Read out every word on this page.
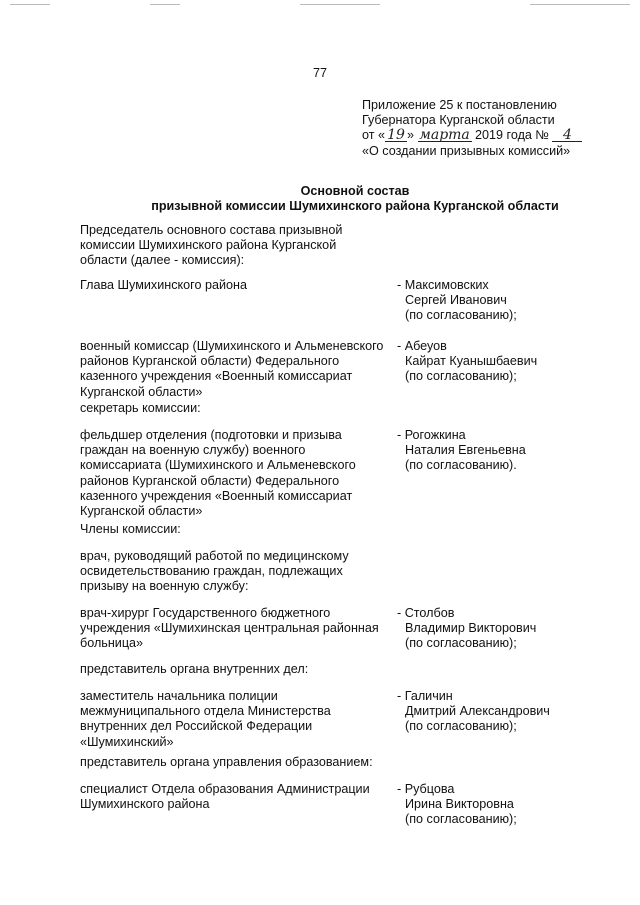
77
Приложение 25 к постановлению
Губернатора Курганской области
от « 19 » марта 2019 года № 4
«О создании призывных комиссий»
Основной состав
призывной комиссии Шумихинского района Курганской области
Председатель основного состава призывной
комиссии Шумихинского района Курганской
области (далее - комиссия):
Глава Шумихинского района	- Максимовских
Сергей Иванович
(по согласованию);
военный комиссар (Шумихинского и Альменевского
районов Курганской области) Федерального
казенного учреждения «Военный комиссариат
Курганской области»
- Абеуов
Кайрат Куанышбаевич
(по согласованию);
секретарь комиссии:
фельдшер отделения (подготовки и призыва
граждан на военную службу) военного
комиссариата (Шумихинского и Альменевского
районов Курганской области) Федерального
казенного учреждения «Военный комиссариат
Курганской области»
- Рогожкина
Наталия Евгеньевна
(по согласованию).
Члены комиссии:
врач, руководящий работой по медицинскому
освидетельствованию граждан, подлежащих
призыву на военную службу:
врач-хирург Государственного бюджетного
учреждения «Шумихинская центральная районная
больница»
- Столбов
Владимир Викторович
(по согласованию);
представитель органа внутренних дел:
заместитель начальника полиции
межмуниципального отдела Министерства
внутренних дел Российской Федерации
«Шумихинский»
- Галичин
Дмитрий Александрович
(по согласованию);
представитель органа управления образованием:
специалист Отдела образования Администрации
Шумихинского района
- Рубцова
Ирина Викторовна
(по согласованию);
